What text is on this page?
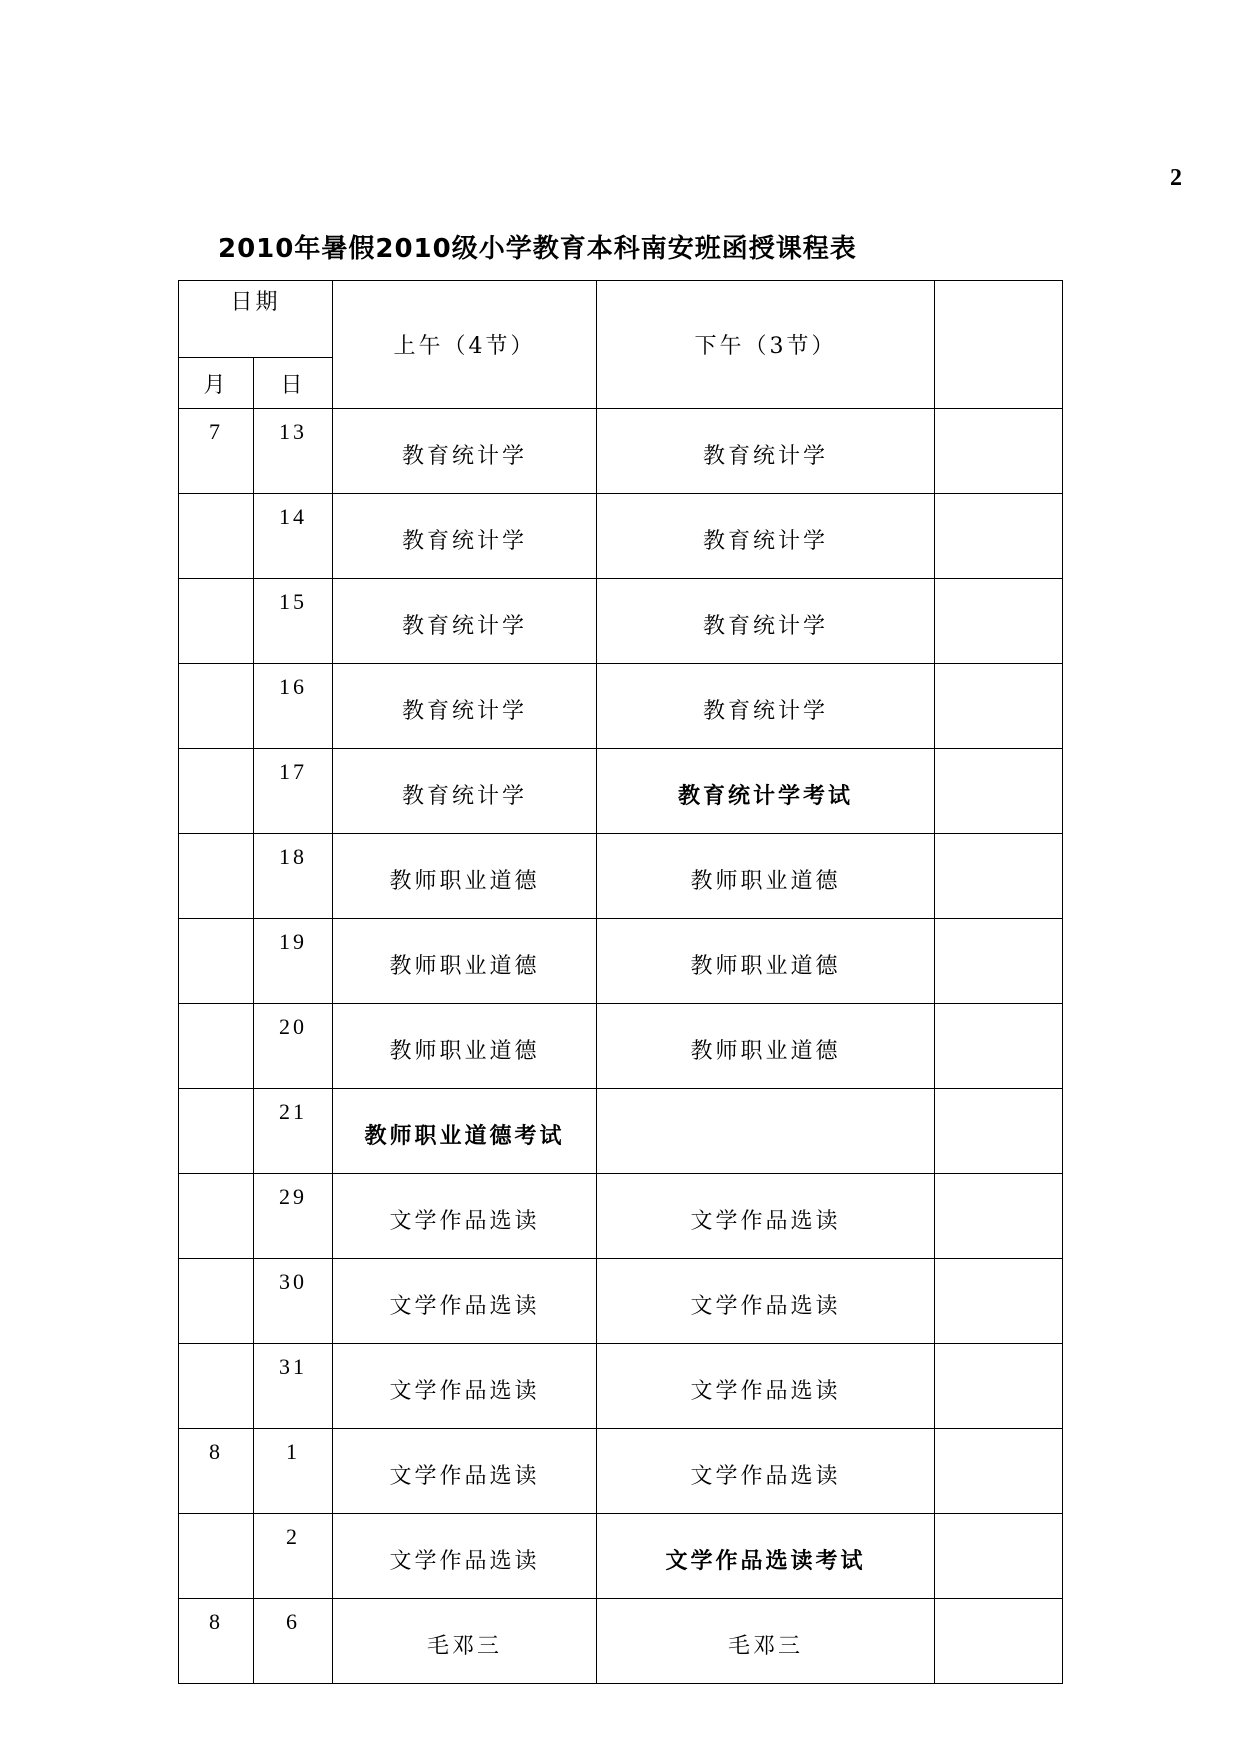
2
2010年暑假2010级小学教育本科南安班函授课程表
日期		上午（4节）	下午（3节）	
月	日			
7	13	教育统计学	教育统计学	
	14	教育统计学	教育统计学	
	15	教育统计学	教育统计学	
	16	教育统计学	教育统计学	
	17	教育统计学	教育统计学考试	
	18	教师职业道德	教师职业道德	
	19	教师职业道德	教师职业道德	
	20	教师职业道德	教师职业道德	
	21	教师职业道德考试		
	29	文学作品选读	文学作品选读	
	30	文学作品选读	文学作品选读	
	31	文学作品选读	文学作品选读	
8	1	文学作品选读	文学作品选读	
	2	文学作品选读	文学作品选读考试	
8	6	毛邓三	毛邓三	
